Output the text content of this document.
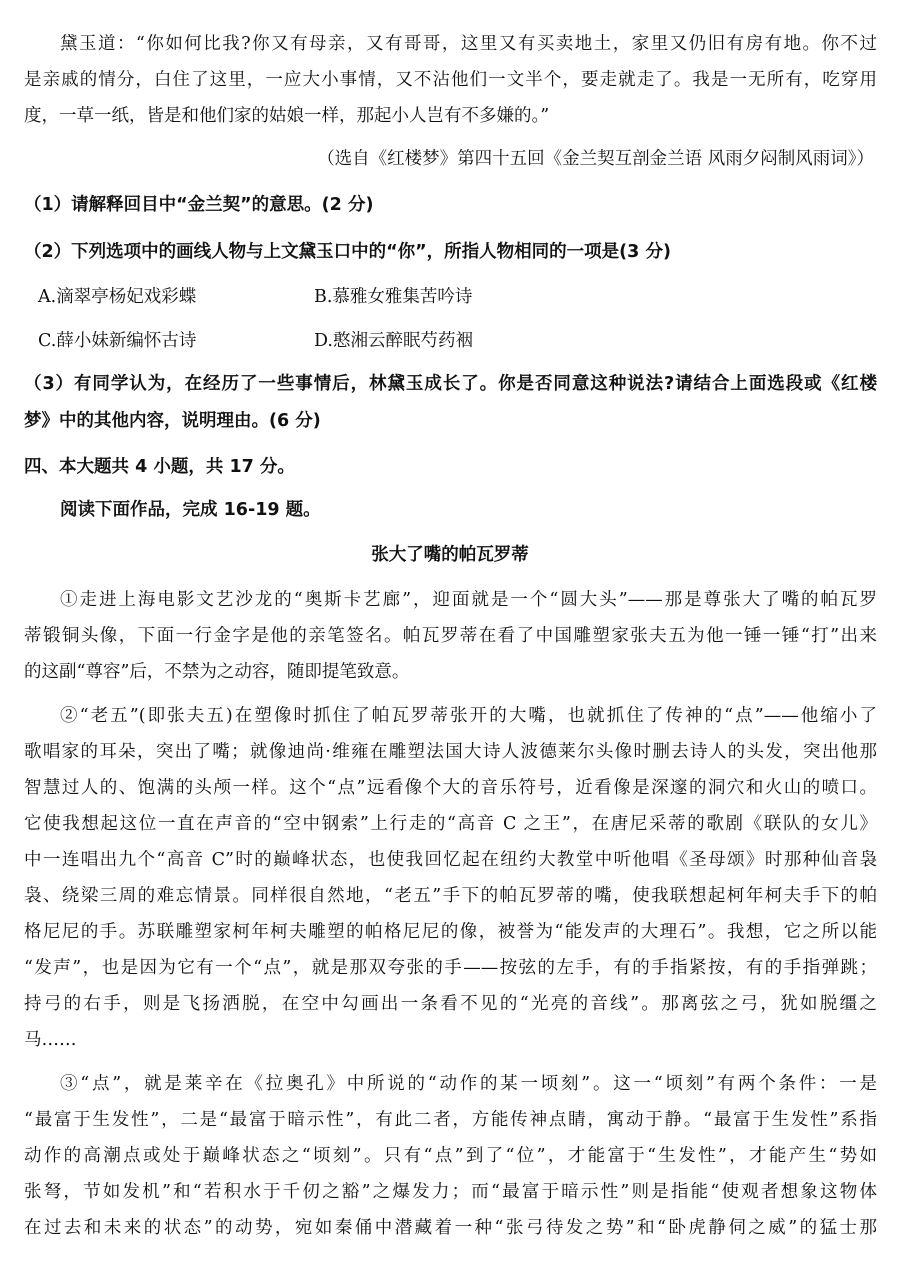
黛玉道：“你如何比我?你又有母亲，又有哥哥，这里又有买卖地土，家里又仍旧有房有地。你不过
是亲戚的情分，白住了这里，一应大小事情，又不沾他们一文半个，要走就走了。我是一无所有，吃穿用
度，一草一纸，皆是和他们家的姑娘一样，那起小人岂有不多嫌的。”
（选自《红楼梦》第四十五回《金兰契互剖金兰语 风雨夕闷制风雨词》）
（1）请解释回目中“金兰契”的意思。(2 分)
（2）下列选项中的画线人物与上文黛玉口中的“你”，所指人物相同的一项是(3 分)
A.滴翠亭杨妃戏彩蝶	B.慕雅女雅集苦吟诗
C.薛小妹新编怀古诗	D.憨湘云醉眠芍药裀
（3）有同学认为，在经历了一些事情后，林黛玉成长了。你是否同意这种说法?请结合上面选段或《红楼
梦》中的其他内容，说明理由。(6 分)
四、本大题共 4 小题，共 17 分。
阅读下面作品，完成 16-19 题。
张大了嘴的帕瓦罗蒂
①走进上海电影文艺沙龙的“奥斯卡艺廊”，迎面就是一个“圆大头”——那是尊张大了嘴的帕瓦罗
蒂锻铜头像，下面一行金字是他的亲笔签名。帕瓦罗蒂在看了中国雕塑家张夫五为他一锤一锤“打”出来
的这副“尊容”后，不禁为之动容，随即提笔致意。
②“老五”(即张夫五)在塑像时抓住了帕瓦罗蒂张开的大嘴，也就抓住了传神的“点”——他缩小了
歌唱家的耳朵，突出了嘴；就像迪尚·维雍在雕塑法国大诗人波德莱尔头像时删去诗人的头发，突出他那
智慧过人的、饱满的头颅一样。这个“点”远看像个大的音乐符号，近看像是深邃的洞穴和火山的喷口。
它使我想起这位一直在声音的“空中钢索”上行走的“高音 C 之王”，在唐尼采蒂的歌剧《联队的女儿》
中一连唱出九个“高音 C”时的巅峰状态，也使我回忆起在纽约大教堂中听他唱《圣母颂》时那种仙音袅
袅、绕梁三周的难忘情景。同样很自然地，“老五”手下的帕瓦罗蒂的嘴，使我联想起柯年柯夫手下的帕
格尼尼的手。苏联雕塑家柯年柯夫雕塑的帕格尼尼的像，被誉为“能发声的大理石”。我想，它之所以能
“发声”，也是因为它有一个“点”，就是那双夸张的手——按弦的左手，有的手指紧按，有的手指弹跳；
持弓的右手，则是飞扬洒脱，在空中勾画出一条看不见的“光亮的音线”。那离弦之弓，犹如脱缰之
马……
③“点”，就是莱辛在《拉奥孔》中所说的“动作的某一顷刻”。这一“顷刻”有两个条件：一是
“最富于生发性”，二是“最富于暗示性”，有此二者，方能传神点睛，寓动于静。“最富于生发性”系指
动作的高潮点或处于巅峰状态之“顷刻”。只有“点”到了“位”，才能富于“生发性”，才能产生“势如
张弩，节如发机”和“若积水于千仞之豁”之爆发力；而“最富于暗示性”则是指能“使观者想象这物体
在过去和未来的状态”的动势，宛如秦俑中潜藏着一种“张弓待发之势”和“卧虎静伺之威”的猛士那
